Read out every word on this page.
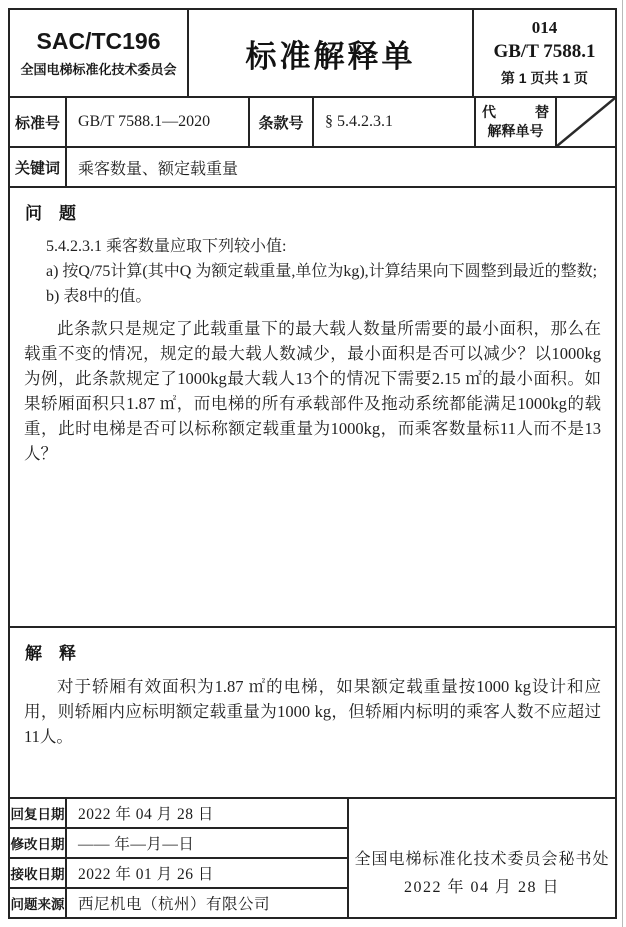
SAC/TC196
全国电梯标准化技术委员会	标准解释单
014
GB/T 7588.1
第 1 页共 1 页
标准号	GB/T 7588.1—2020	条款号	§ 5.4.2.3.1
代　替
解释单号
关键词	乘客数量、额定载重量
问　题
5.4.2.3.1 乘客数量应取下列较小值:
a) 按Q/75计算(其中Q 为额定载重量,单位为kg),计算结果向下圆整到最近的整数;
b) 表8中的值。

此条款只是规定了此载重量下的最大载人数量所需要的最小面积，那么在载重不变的情况，规定的最大载人数减少，最小面积是否可以减少？以1000kg为例，此条款规定了1000kg最大载人13个的情况下需要2.15 ㎡的最小面积。如果轿厢面积只1.87 ㎡，而电梯的所有承载部件及拖动系统都能满足1000kg的载重，此时电梯是否可以标称额定载重量为1000kg，而乘客数量标11人而不是13人？

解　释

对于轿厢有效面积为1.87 ㎡的电梯，如果额定载重量按1000 kg设计和应用，则轿厢内应标明额定载重量为1000 kg，但轿厢内标明的乘客人数不应超过11人。

回复日期 2022 年 04 月 28 日
修改日期 —— 年—月—日
接收日期 2022 年 01 月 26 日
问题来源 西尼机电（杭州）有限公司
全国电梯标准化技术委员会秘书处
2022 年 04 月 28 日
